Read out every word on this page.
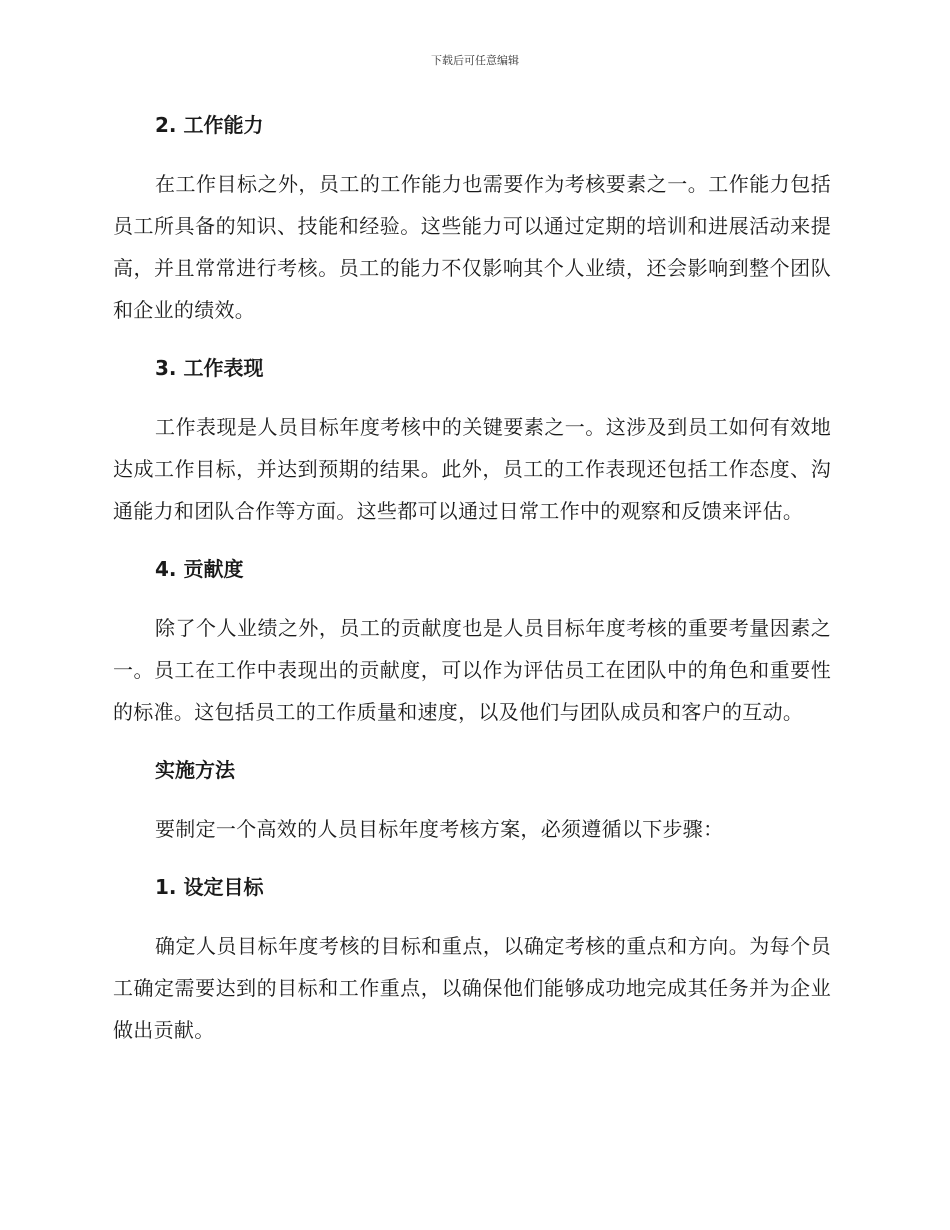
下载后可任意编辑
2. 工作能力

在工作目标之外，员工的工作能力也需要作为考核要素之一。工作能力包括员工所具备的知识、技能和经验。这些能力可以通过定期的培训和进展活动来提高，并且常常进行考核。员工的能力不仅影响其个人业绩，还会影响到整个团队和企业的绩效。

3. 工作表现

工作表现是人员目标年度考核中的关键要素之一。这涉及到员工如何有效地达成工作目标，并达到预期的结果。此外，员工的工作表现还包括工作态度、沟通能力和团队合作等方面。这些都可以通过日常工作中的观察和反馈来评估。

4. 贡献度

除了个人业绩之外，员工的贡献度也是人员目标年度考核的重要考量因素之一。员工在工作中表现出的贡献度，可以作为评估员工在团队中的角色和重要性的标准。这包括员工的工作质量和速度，以及他们与团队成员和客户的互动。

实施方法

要制定一个高效的人员目标年度考核方案，必须遵循以下步骤：

1. 设定目标

确定人员目标年度考核的目标和重点，以确定考核的重点和方向。为每个员工确定需要达到的目标和工作重点，以确保他们能够成功地完成其任务并为企业做出贡献。
